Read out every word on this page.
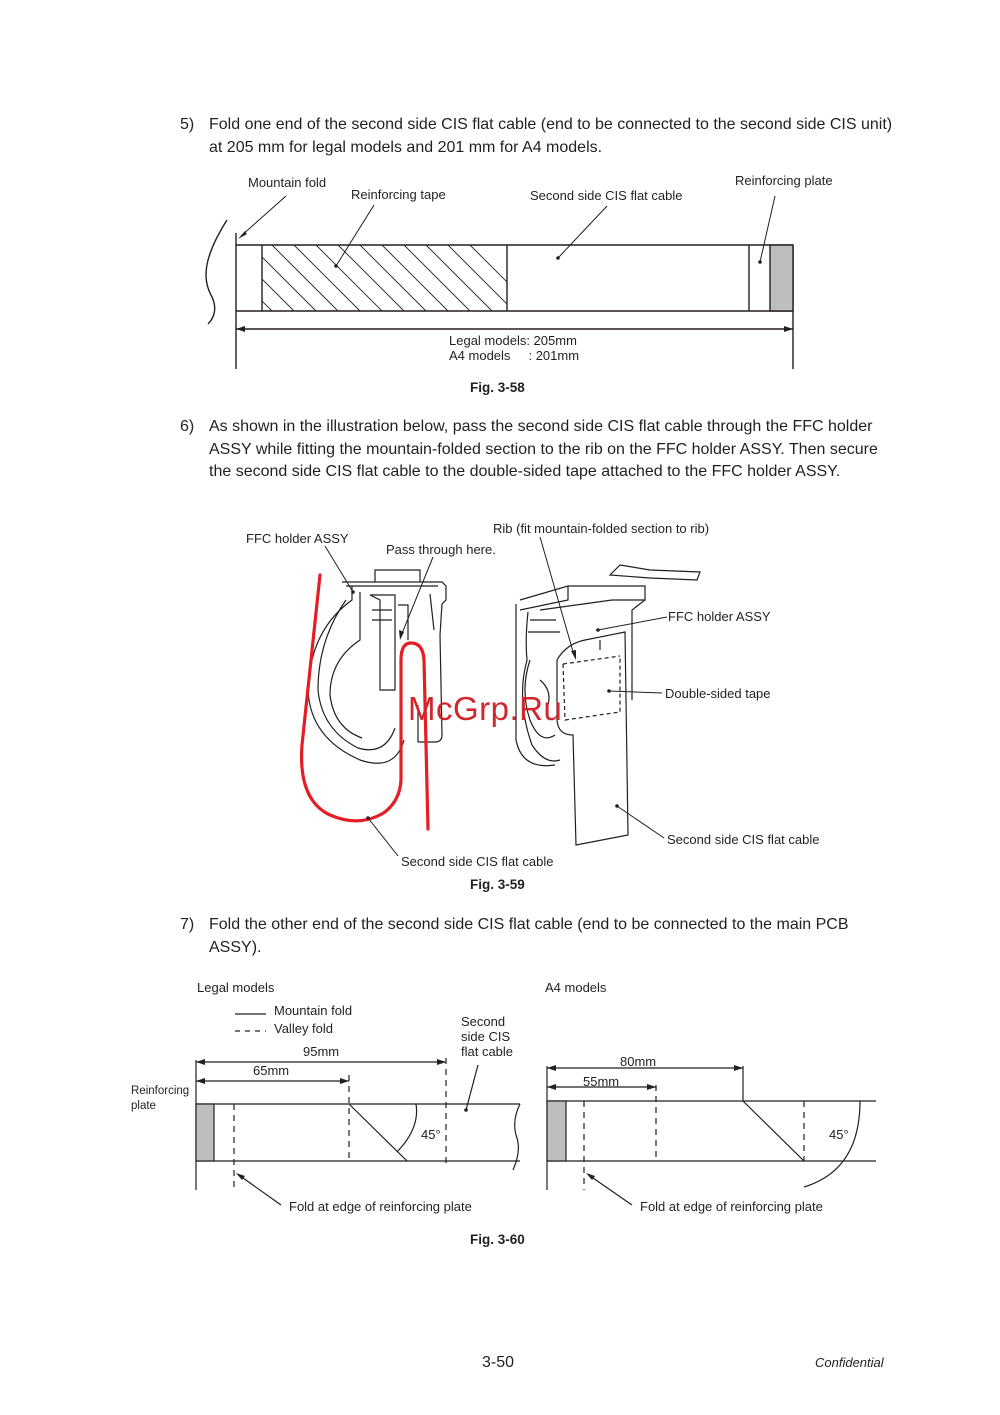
5) Fold one end of the second side CIS flat cable (end to be connected to the second side CIS unit) at 205 mm for legal models and 201 mm for A4 models.
Mountain fold
Reinforcing tape	Second side CIS flat cable
Reinforcing plate
Legal models: 205mm
A4 models     : 201mm
Fig. 3-58
6) As shown in the illustration below, pass the second side CIS flat cable through the FFC holder ASSY while fitting the mountain-folded section to the rib on the FFC holder ASSY. Then secure the second side CIS flat cable to the double-sided tape attached to the FFC holder ASSY.
FFC holder ASSY
Pass through here.
Rib (fit mountain-folded section to rib)
FFC holder ASSY
Double-sided tape
Second side CIS flat cable
Second side CIS flat cable
Fig. 3-59
McGrp.Ru
7) Fold the other end of the second side CIS flat cable (end to be connected to the main PCB ASSY).
Legal models
Mountain fold
Valley fold	Second
side CIS
flat cable
95mm
65mm
Reinforcing
plate
45°
Fold at edge of reinforcing plate
A4 models
80mm
55mm
45°
Fold at edge of reinforcing plate
Fig. 3-60
3-50	Confidential
